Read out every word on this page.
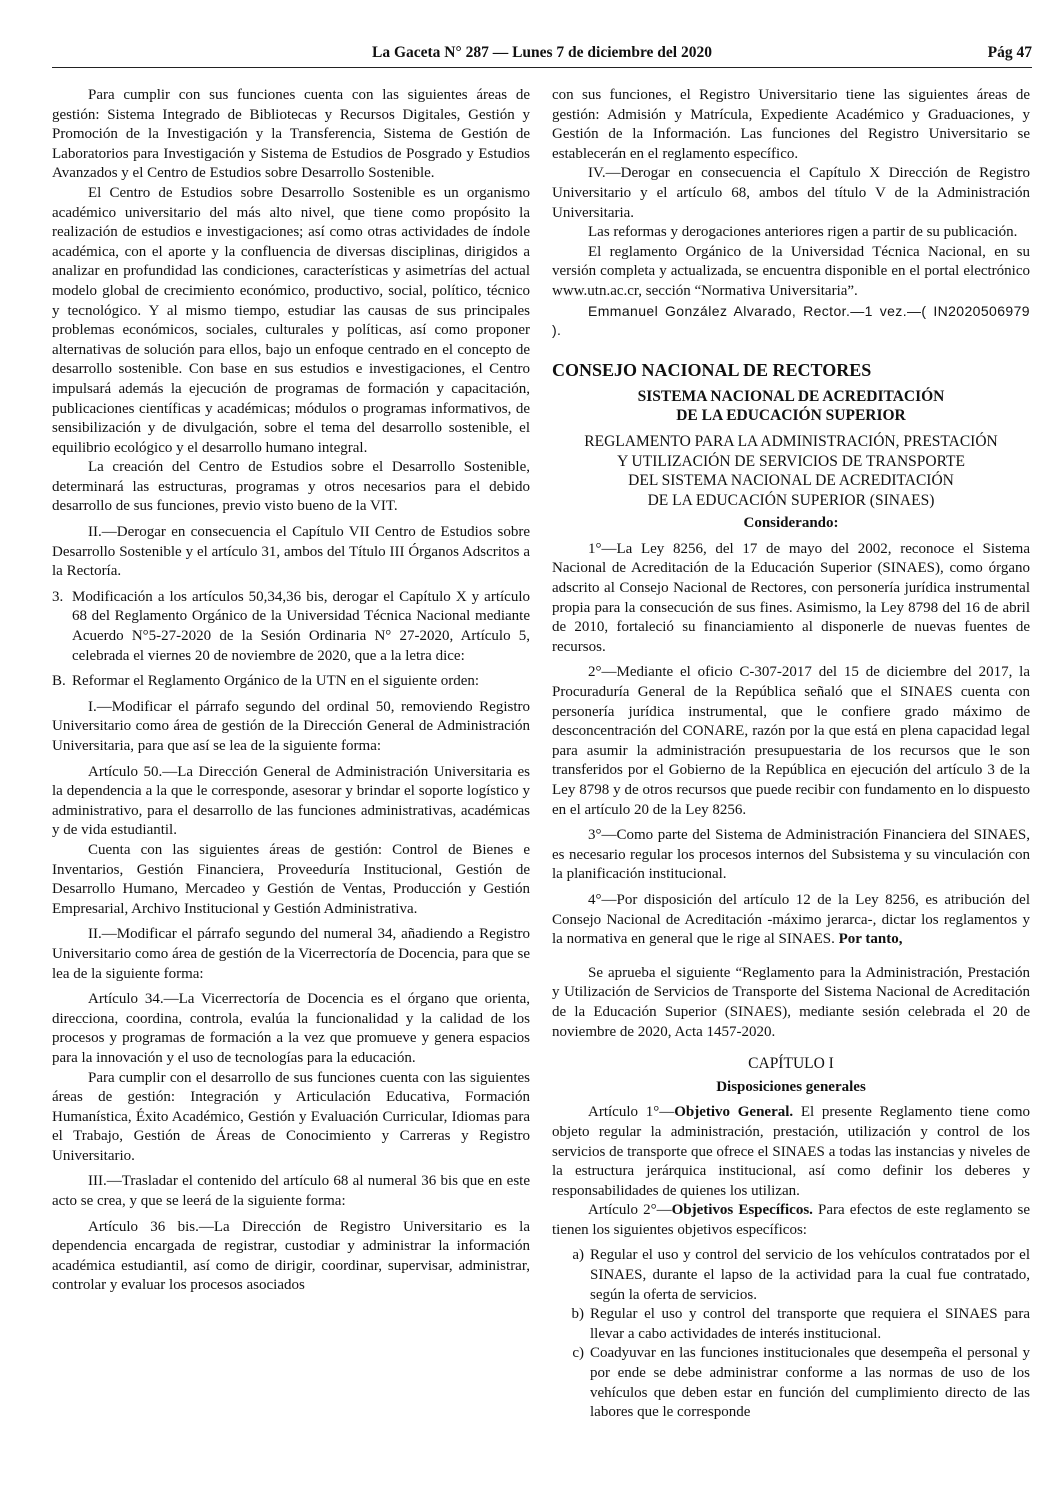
La Gaceta N° 287 — Lunes 7 de diciembre del 2020	Pág 47

Para cumplir con sus funciones cuenta con las siguientes áreas de gestión: Sistema Integrado de Bibliotecas y Recursos Digitales, Gestión y Promoción de la Investigación y la Transferencia, Sistema de Gestión de Laboratorios para Investigación y Sistema de Estudios de Posgrado y Estudios Avanzados y el Centro de Estudios sobre Desarrollo Sostenible.

El Centro de Estudios sobre Desarrollo Sostenible es un organismo académico universitario del más alto nivel, que tiene como propósito la realización de estudios e investigaciones; así como otras actividades de índole académica, con el aporte y la confluencia de diversas disciplinas, dirigidos a analizar en profundidad las condiciones, características y asimetrías del actual modelo global de crecimiento económico, productivo, social, político, técnico y tecnológico. Y al mismo tiempo, estudiar las causas de sus principales problemas económicos, sociales, culturales y políticas, así como proponer alternativas de solución para ellos, bajo un enfoque centrado en el concepto de desarrollo sostenible. Con base en sus estudios e investigaciones, el Centro impulsará además la ejecución de programas de formación y capacitación, publicaciones científicas y académicas; módulos o programas informativos, de sensibilización y de divulgación, sobre el tema del desarrollo sostenible, el equilibrio ecológico y el desarrollo humano integral.

La creación del Centro de Estudios sobre el Desarrollo Sostenible, determinará las estructuras, programas y otros necesarios para el debido desarrollo de sus funciones, previo visto bueno de la VIT.

II.—Derogar en consecuencia el Capítulo VII Centro de Estudios sobre Desarrollo Sostenible y el artículo 31, ambos del Título III Órganos Adscritos a la Rectoría.

3. Modificación a los artículos 50,34,36 bis, derogar el Capítulo X y artículo 68 del Reglamento Orgánico de la Universidad Técnica Nacional mediante Acuerdo N°5-27-2020 de la Sesión Ordinaria N° 27-2020, Artículo 5, celebrada el viernes 20 de noviembre de 2020, que a la letra dice:
B. Reformar el Reglamento Orgánico de la UTN en el siguiente orden:

I.—Modificar el párrafo segundo del ordinal 50, removiendo Registro Universitario como área de gestión de la Dirección General de Administración Universitaria, para que así se lea de la siguiente forma:

Artículo 50.—La Dirección General de Administración Universitaria es la dependencia a la que le corresponde, asesorar y brindar el soporte logístico y administrativo, para el desarrollo de las funciones administrativas, académicas y de vida estudiantil.

Cuenta con las siguientes áreas de gestión: Control de Bienes e Inventarios, Gestión Financiera, Proveeduría Institucional, Gestión de Desarrollo Humano, Mercadeo y Gestión de Ventas, Producción y Gestión Empresarial, Archivo Institucional y Gestión Administrativa.

II.—Modificar el párrafo segundo del numeral 34, añadiendo a Registro Universitario como área de gestión de la Vicerrectoría de Docencia, para que se lea de la siguiente forma:

Artículo 34.—La Vicerrectoría de Docencia es el órgano que orienta, direcciona, coordina, controla, evalúa la funcionalidad y la calidad de los procesos y programas de formación a la vez que promueve y genera espacios para la innovación y el uso de tecnologías para la educación.

Para cumplir con el desarrollo de sus funciones cuenta con las siguientes áreas de gestión: Integración y Articulación Educativa, Formación Humanística, Éxito Académico, Gestión y Evaluación Curricular, Idiomas para el Trabajo, Gestión de Áreas de Conocimiento y Carreras y Registro Universitario.

III.—Trasladar el contenido del artículo 68 al numeral 36 bis que en este acto se crea, y que se leerá de la siguiente forma:

Artículo 36 bis.—La Dirección de Registro Universitario es la dependencia encargada de registrar, custodiar y administrar la información académica estudiantil, así como de dirigir, coordinar, supervisar, administrar, controlar y evaluar los procesos asociados

con sus funciones, el Registro Universitario tiene las siguientes áreas de gestión: Admisión y Matrícula, Expediente Académico y Graduaciones, y Gestión de la Información. Las funciones del Registro Universitario se establecerán en el reglamento específico.

IV.—Derogar en consecuencia el Capítulo X Dirección de Registro Universitario y el artículo 68, ambos del título V de la Administración Universitaria.

Las reformas y derogaciones anteriores rigen a partir de su publicación.

El reglamento Orgánico de la Universidad Técnica Nacional, en su versión completa y actualizada, se encuentra disponible en el portal electrónico www.utn.ac.cr, sección “Normativa Universitaria”.

Emmanuel González Alvarado, Rector.—1 vez.—( IN2020506979 ).

CONSEJO NACIONAL DE RECTORES
SISTEMA NACIONAL DE ACREDITACIÓN
DE LA EDUCACIÓN SUPERIOR
REGLAMENTO PARA LA ADMINISTRACIÓN, PRESTACIÓN
Y UTILIZACIÓN DE SERVICIOS DE TRANSPORTE
DEL SISTEMA NACIONAL DE ACREDITACIÓN
DE LA EDUCACIÓN SUPERIOR (SINAES)
Considerando:

1°—La Ley 8256, del 17 de mayo del 2002, reconoce el Sistema Nacional de Acreditación de la Educación Superior (SINAES), como órgano adscrito al Consejo Nacional de Rectores, con personería jurídica instrumental propia para la consecución de sus fines. Asimismo, la Ley 8798 del 16 de abril de 2010, fortaleció su financiamiento al disponerle de nuevas fuentes de recursos.

2°—Mediante el oficio C-307-2017 del 15 de diciembre del 2017, la Procuraduría General de la República señaló que el SINAES cuenta con personería jurídica instrumental, que le confiere grado máximo de desconcentración del CONARE, razón por la que está en plena capacidad legal para asumir la administración presupuestaria de los recursos que le son transferidos por el Gobierno de la República en ejecución del artículo 3 de la Ley 8798 y de otros recursos que puede recibir con fundamento en lo dispuesto en el artículo 20 de la Ley 8256.

3°—Como parte del Sistema de Administración Financiera del SINAES, es necesario regular los procesos internos del Subsistema y su vinculación con la planificación institucional.

4°—Por disposición del artículo 12 de la Ley 8256, es atribución del Consejo Nacional de Acreditación -máximo jerarca-, dictar los reglamentos y la normativa en general que le rige al SINAES. Por tanto,

Se aprueba el siguiente “Reglamento para la Administración, Prestación y Utilización de Servicios de Transporte del Sistema Nacional de Acreditación de la Educación Superior (SINAES), mediante sesión celebrada el 20 de noviembre de 2020, Acta 1457-2020.

CAPÍTULO I
Disposiciones generales

Artículo 1°—Objetivo General. El presente Reglamento tiene como objeto regular la administración, prestación, utilización y control de los servicios de transporte que ofrece el SINAES a todas las instancias y niveles de la estructura jerárquica institucional, así como definir los deberes y responsabilidades de quienes los utilizan.

Artículo 2°—Objetivos Específicos. Para efectos de este reglamento se tienen los siguientes objetivos específicos:

a) Regular el uso y control del servicio de los vehículos contratados por el SINAES, durante el lapso de la actividad para la cual fue contratado, según la oferta de servicios.
b) Regular el uso y control del transporte que requiera el SINAES para llevar a cabo actividades de interés institucional.
c) Coadyuvar en las funciones institucionales que desempeña el personal y por ende se debe administrar conforme a las normas de uso de los vehículos que deben estar en función del cumplimiento directo de las labores que le corresponde
